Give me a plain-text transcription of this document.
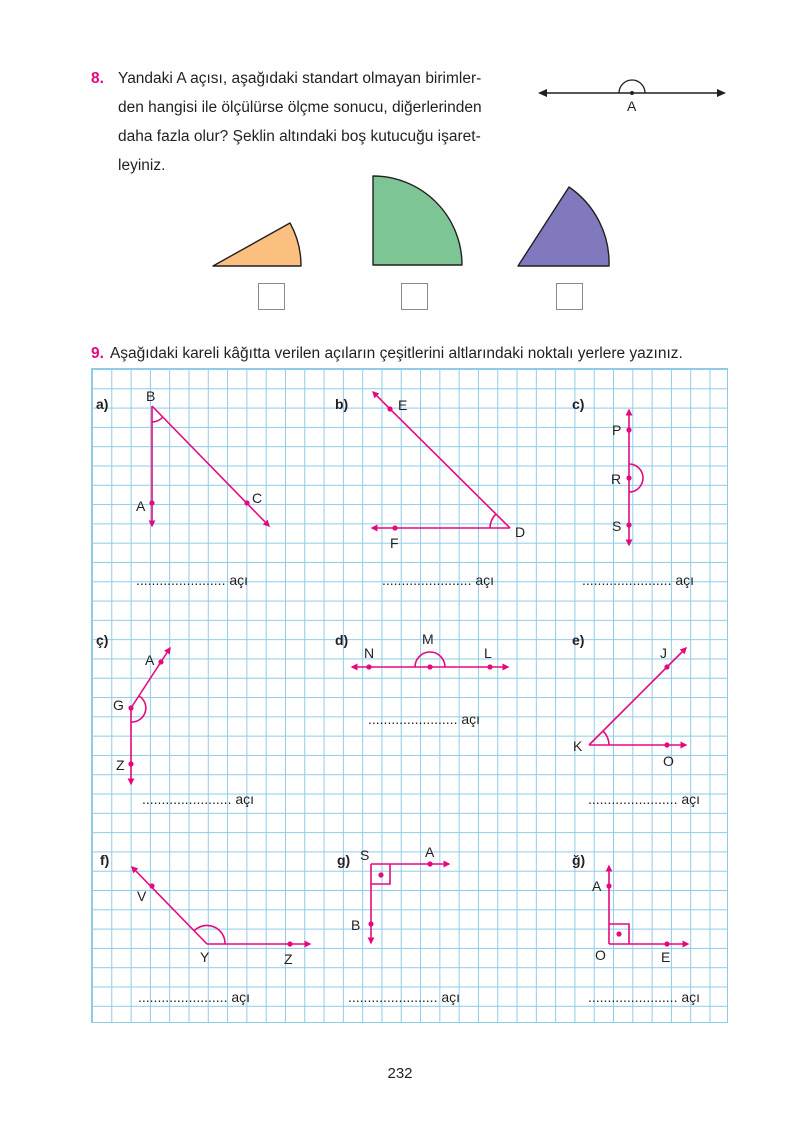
8. Yandaki A açısı, aşağıdaki standart olmayan birimler-
den hangisi ile ölçülürse ölçme sonucu, diğerlerinden
daha fazla olur? Şeklin altındaki boş kutucuğu işaret-
leyiniz.
A
9. Aşağıdaki kareli kâğıtta verilen açıların çeşitlerini altlarındaki noktalı yerlere yazınız.
a)	B
A	C
....................... açı
b)	E
D
F
....................... açı
c)
P
R
S
....................... açı
ç)
A
G
Z
....................... açı
d)
N
M
L
....................... açı
e)
J
K
O
....................... açı
f)
V
Y	Z
....................... açı
g) S	A
B
....................... açı
ğ)
A
O	E
....................... açı
232
